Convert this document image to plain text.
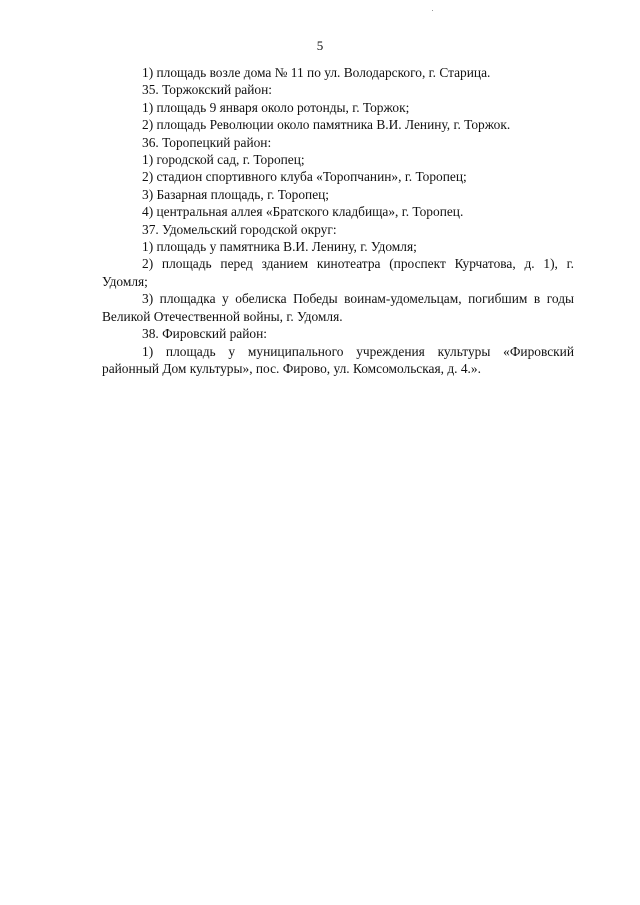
5

1) площадь возле дома № 11 по ул. Володарского, г. Старица.

35. Торжокский район:

1) площадь 9 января около ротонды, г. Торжок;

2) площадь Революции около памятника В.И. Ленину, г. Торжок.

36. Торопецкий район:

1) городской сад, г. Торопец;

2) стадион спортивного клуба «Торопчанин», г. Торопец;

3) Базарная площадь, г. Торопец;

4) центральная аллея «Братского кладбища», г. Торопец.

37. Удомельский городской округ:

1) площадь у памятника В.И. Ленину, г. Удомля;

2) площадь перед зданием кинотеатра (проспект Курчатова, д. 1), г. Удомля;

3) площадка у обелиска Победы воинам-удомельцам, погибшим в годы Великой Отечественной войны, г. Удомля.

38. Фировский район:

1) площадь у муниципального учреждения культуры «Фировский районный Дом культуры», пос. Фирово, ул. Комсомольская, д. 4.».
